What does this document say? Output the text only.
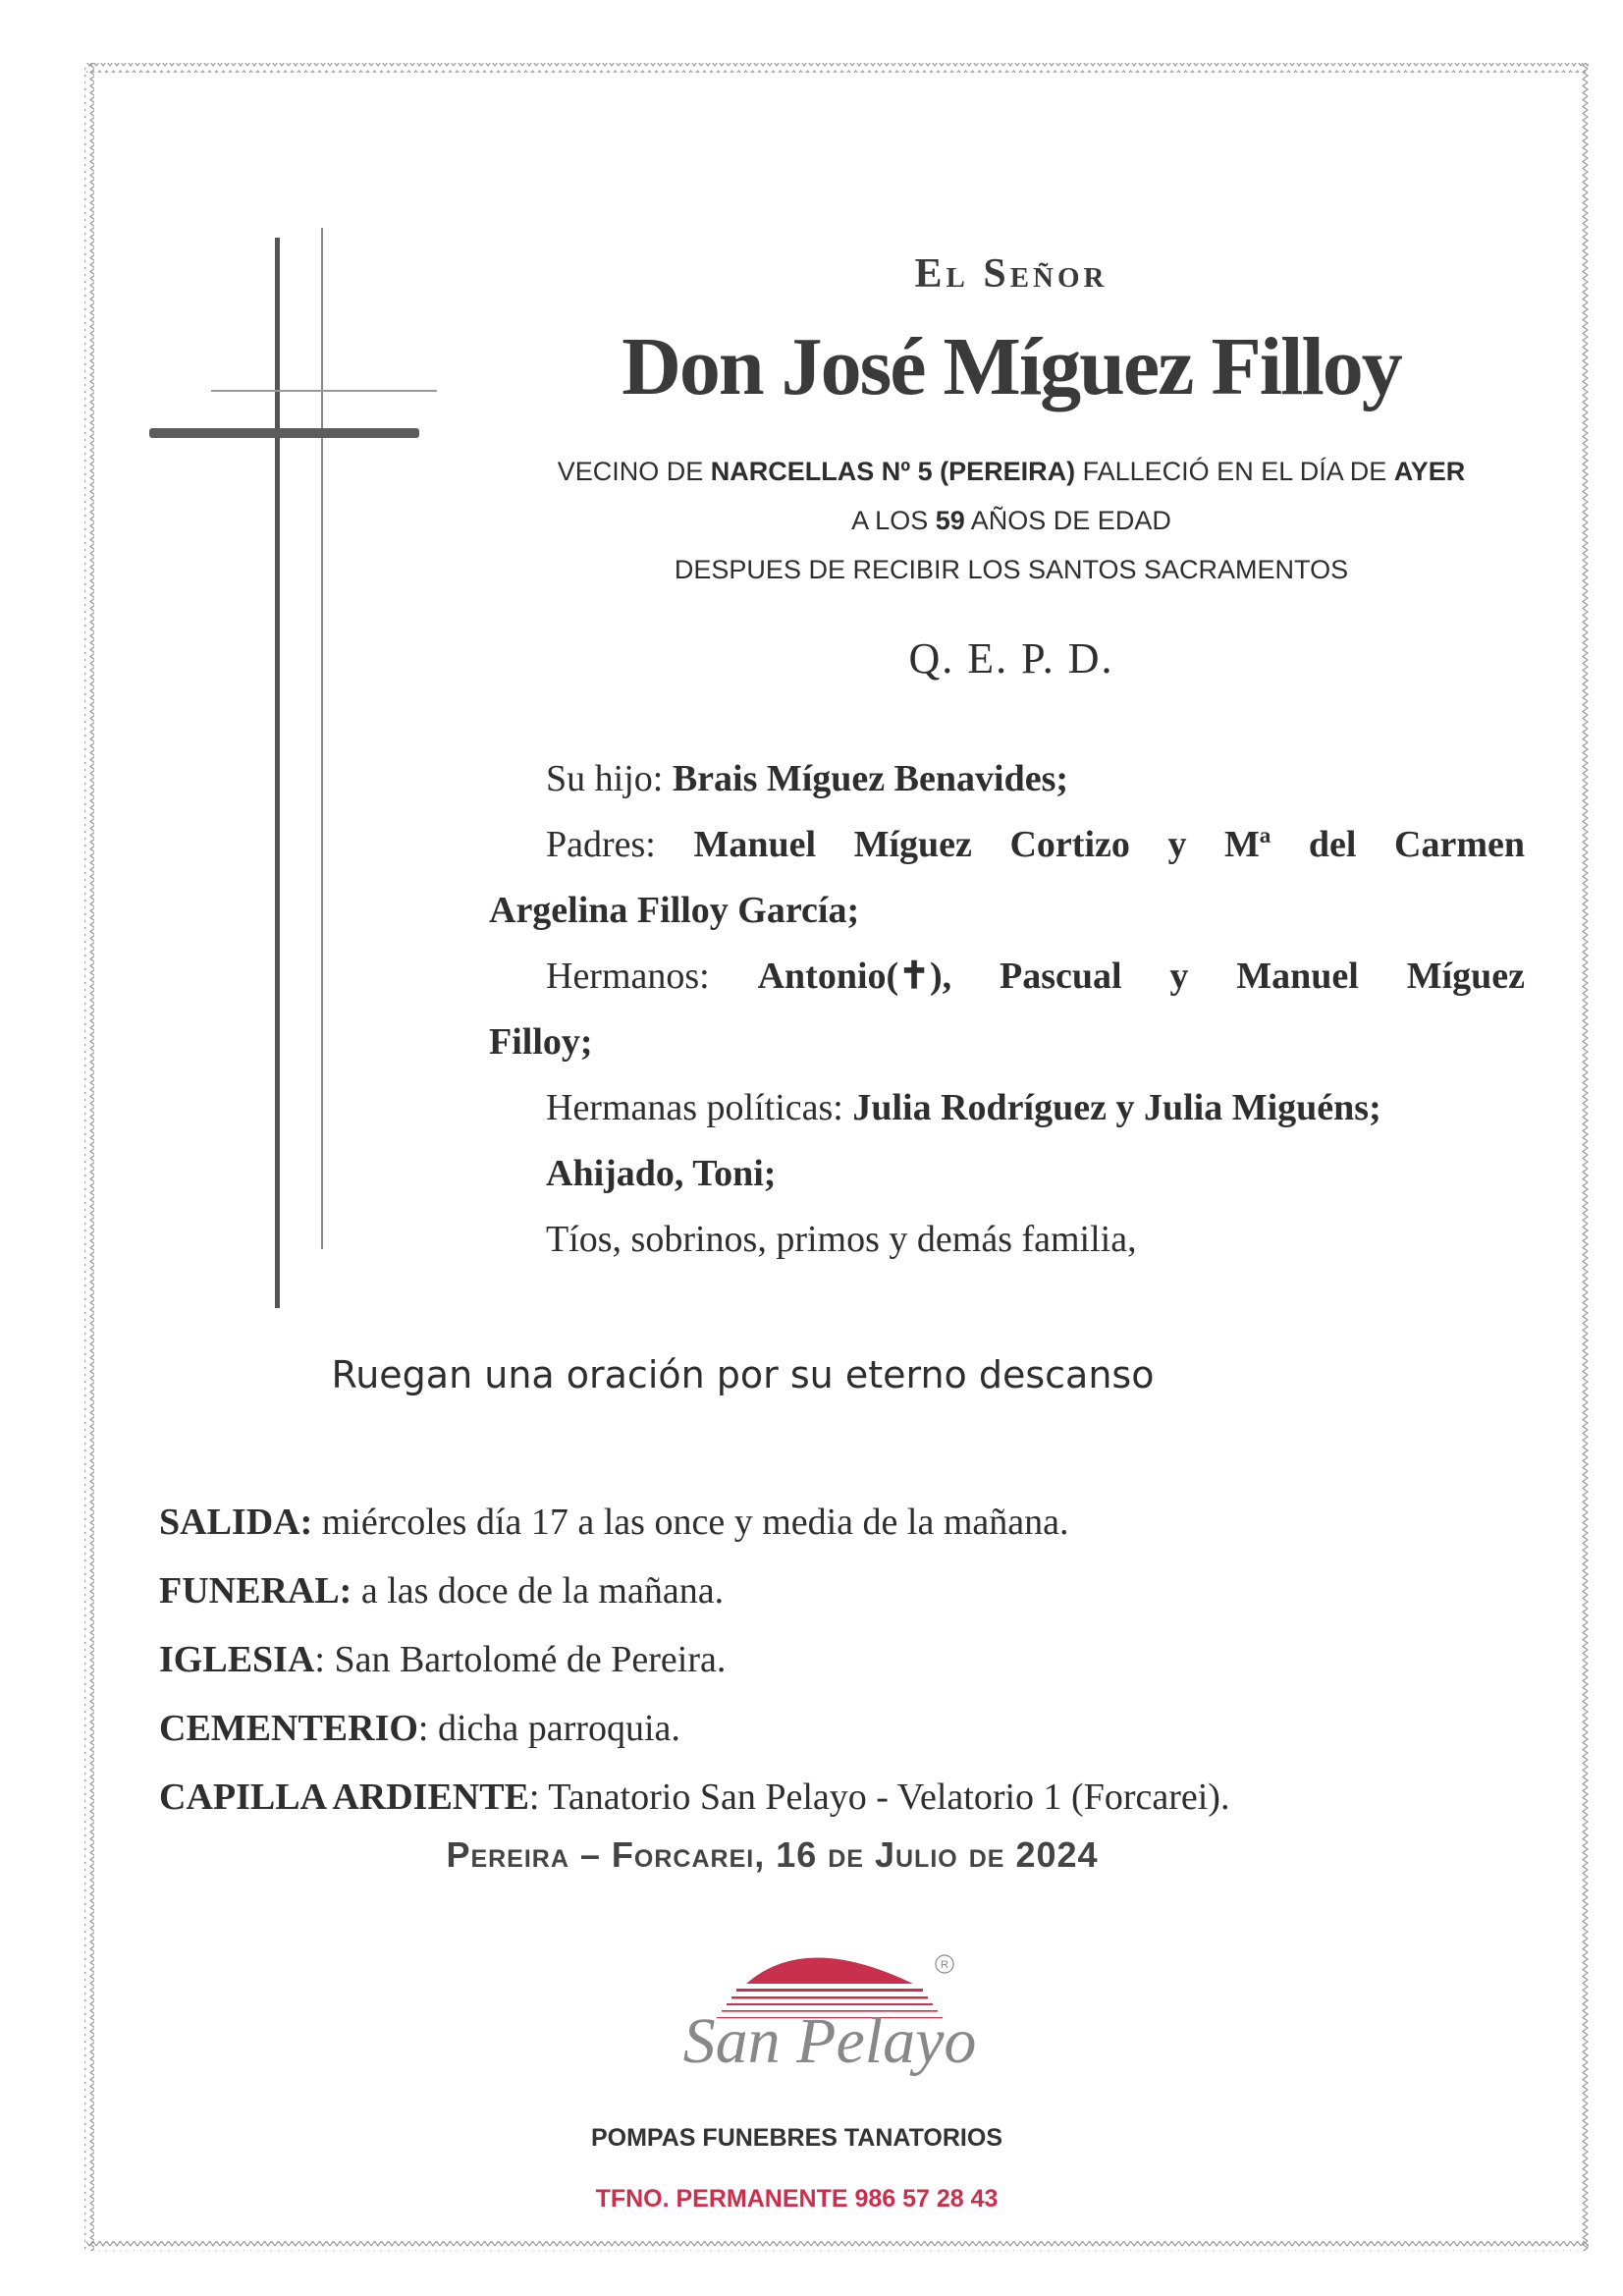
El Señor
Don José Míguez Filloy
VECINO DE NARCELLAS Nº 5 (PEREIRA) FALLECIÓ EN EL DÍA DE AYER
A LOS 59 AÑOS DE EDAD
DESPUES DE RECIBIR LOS SANTOS SACRAMENTOS
Q. E. P. D.
Su hijo: Brais Míguez Benavides;
Padres: Manuel Míguez Cortizo y Mª del Carmen
Argelina Filloy García;
Hermanos: Antonio(✝), Pascual y Manuel Míguez
Filloy;
Hermanas políticas: Julia Rodríguez y Julia Miguéns;
Ahijado, Toni;
Tíos, sobrinos, primos y demás familia,
Ruegan una oración por su eterno descanso
SALIDA: miércoles día 17 a las once y media de la mañana.
FUNERAL: a las doce de la mañana.
IGLESIA: San Bartolomé de Pereira.
CEMENTERIO: dicha parroquia.
CAPILLA ARDIENTE: Tanatorio San Pelayo - Velatorio 1 (Forcarei).
Pereira – Forcarei, 16 de Julio de 2024
R
San Pelayo
POMPAS FUNEBRES TANATORIOS
TFNO. PERMANENTE 986 57 28 43
